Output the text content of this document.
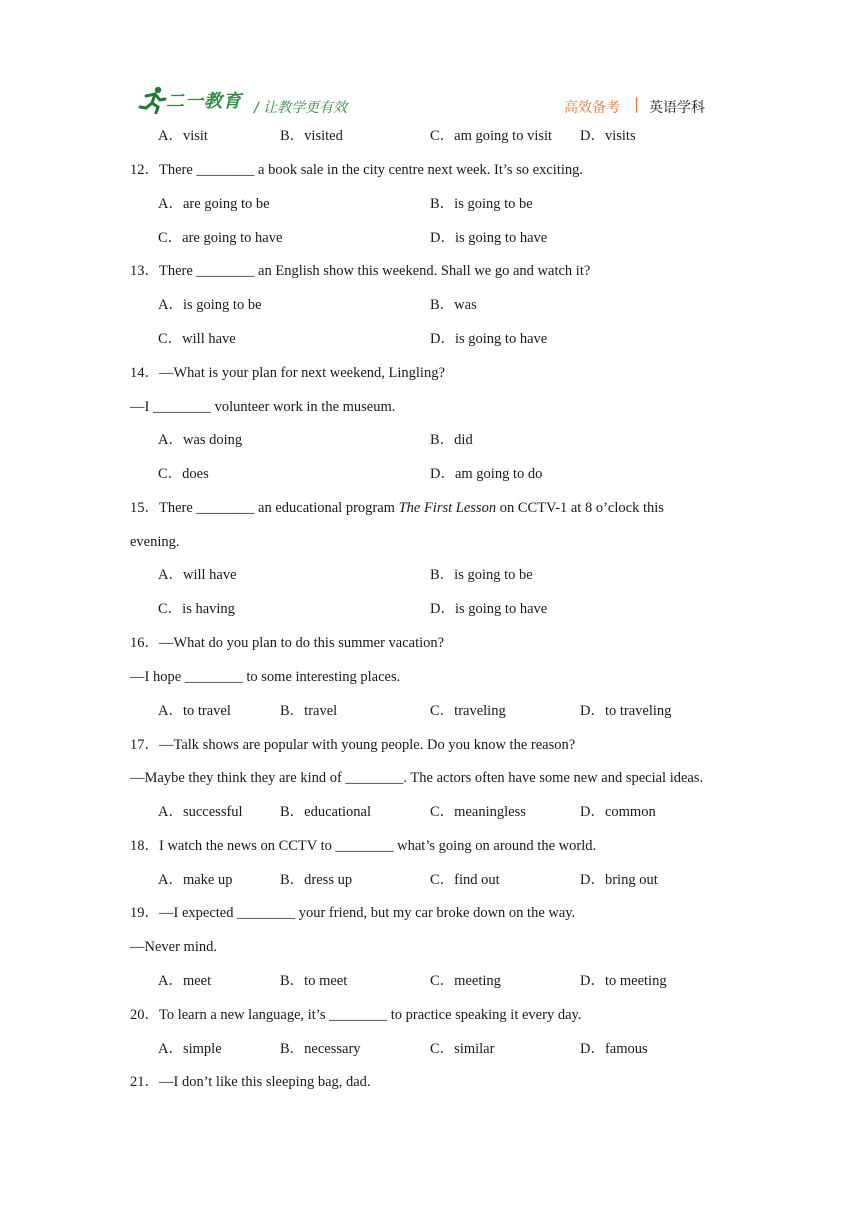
二一教育 / 让教学更有效	高效备考 | 英语学科
A．visit	B．visited	C．am going to visit D．visits
12．There ________ a book sale in the city centre next week. It’s so exciting.
A．are going to be	B．is going to be
C．are going to have	D．is going to have
13．There ________ an English show this weekend. Shall we go and watch it?
A．is going to be	B．was
C．will have	D．is going to have
14．—What is your plan for next weekend, Lingling?
—I ________ volunteer work in the museum.
A．was doing	B．did
C．does	D．am going to do
15．There ________ an educational program The First Lesson on CCTV-1 at 8 o’clock this
evening.
A．will have	B．is going to be
C．is having	D．is going to have
16．—What do you plan to do this summer vacation?
—I hope ________ to some interesting places.
A．to travel	B．travel	C．traveling	D．to traveling
17．—Talk shows are popular with young people. Do you know the reason?
—Maybe they think they are kind of ________. The actors often have some new and special ideas.
A．successful	B．educational	C．meaningless	D．common
18．I watch the news on CCTV to ________ what’s going on around the world.
A．make up	B．dress up	C．find out	D．bring out
19．—I expected ________ your friend, but my car broke down on the way.
—Never mind.
A．meet	B．to meet	C．meeting	D．to meeting
20．To learn a new language, it’s ________ to practice speaking it every day.
A．simple	B．necessary	C．similar	D．famous
21．—I don’t like this sleeping bag, dad.
